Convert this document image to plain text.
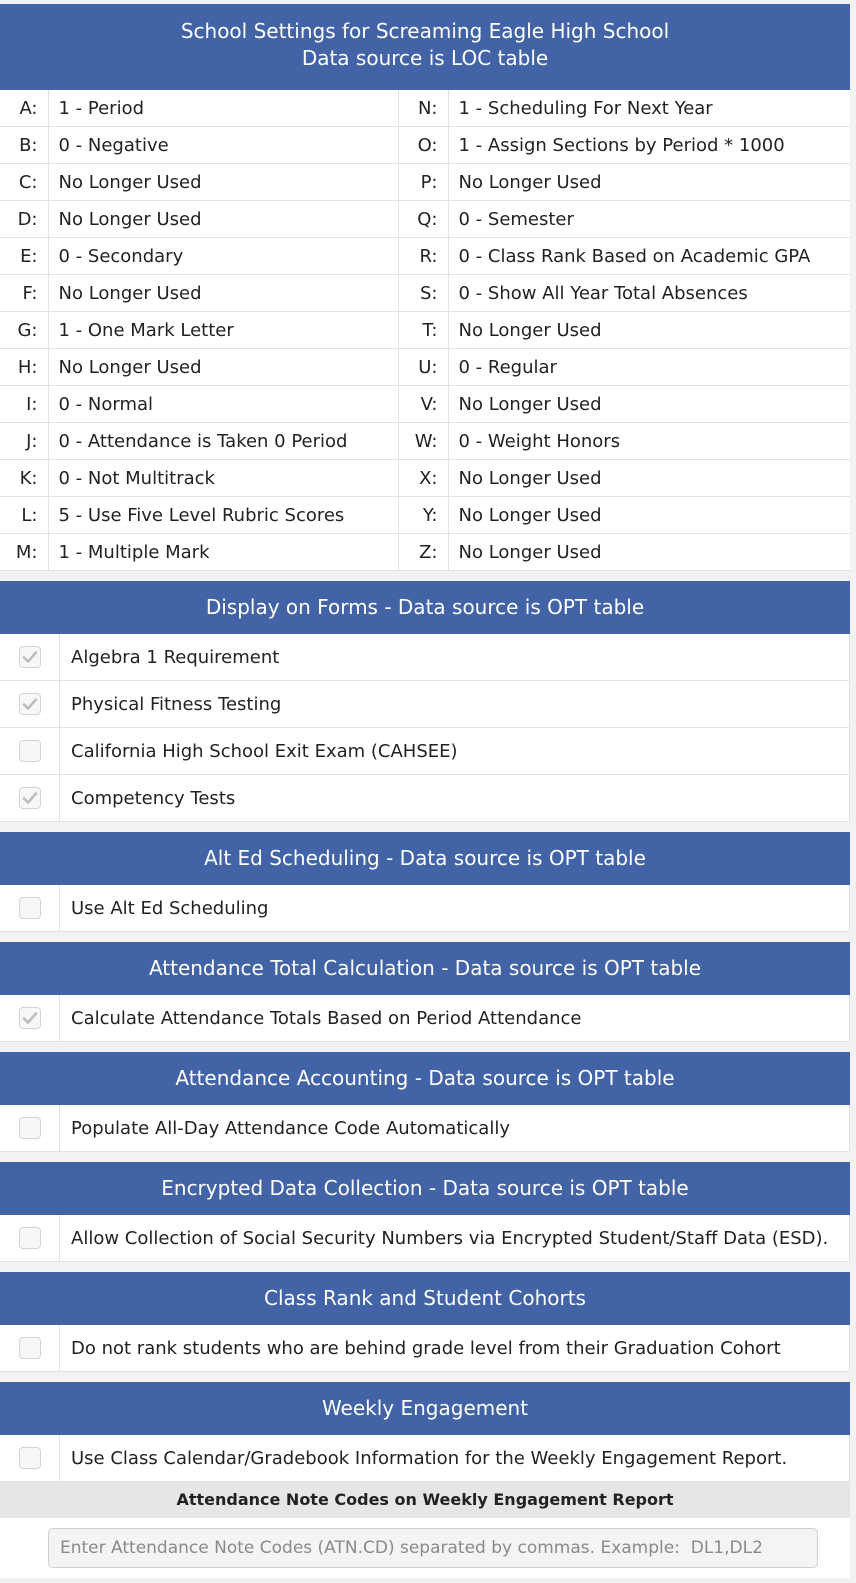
School Settings for Screaming Eagle High School
Data source is LOC table
A:	1 - Period	N:	1 - Scheduling For Next Year
B:	0 - Negative	O:	1 - Assign Sections by Period * 1000
C:	No Longer Used	P:	No Longer Used
D:	No Longer Used	Q:	0 - Semester
E:	0 - Secondary	R:	0 - Class Rank Based on Academic GPA
F:	No Longer Used	S:	0 - Show All Year Total Absences
G:	1 - One Mark Letter	T:	No Longer Used
H:	No Longer Used	U:	0 - Regular
I:	0 - Normal	V:	No Longer Used
J:	0 - Attendance is Taken 0 Period	W:	0 - Weight Honors
K:	0 - Not Multitrack	X:	No Longer Used
L:	5 - Use Five Level Rubric Scores	Y:	No Longer Used
M:	1 - Multiple Mark	Z:	No Longer Used
Display on Forms - Data source is OPT table
Algebra 1 Requirement
Physical Fitness Testing
California High School Exit Exam (CAHSEE)
Competency Tests
Alt Ed Scheduling - Data source is OPT table
Use Alt Ed Scheduling
Attendance Total Calculation - Data source is OPT table
Calculate Attendance Totals Based on Period Attendance
Attendance Accounting - Data source is OPT table
Populate All-Day Attendance Code Automatically
Encrypted Data Collection - Data source is OPT table
Allow Collection of Social Security Numbers via Encrypted Student/Staff Data (ESD).
Class Rank and Student Cohorts
Do not rank students who are behind grade level from their Graduation Cohort
Weekly Engagement
Use Class Calendar/Gradebook Information for the Weekly Engagement Report.
Attendance Note Codes on Weekly Engagement Report
Enter Attendance Note Codes (ATN.CD) separated by commas. Example: DL1,DL2
